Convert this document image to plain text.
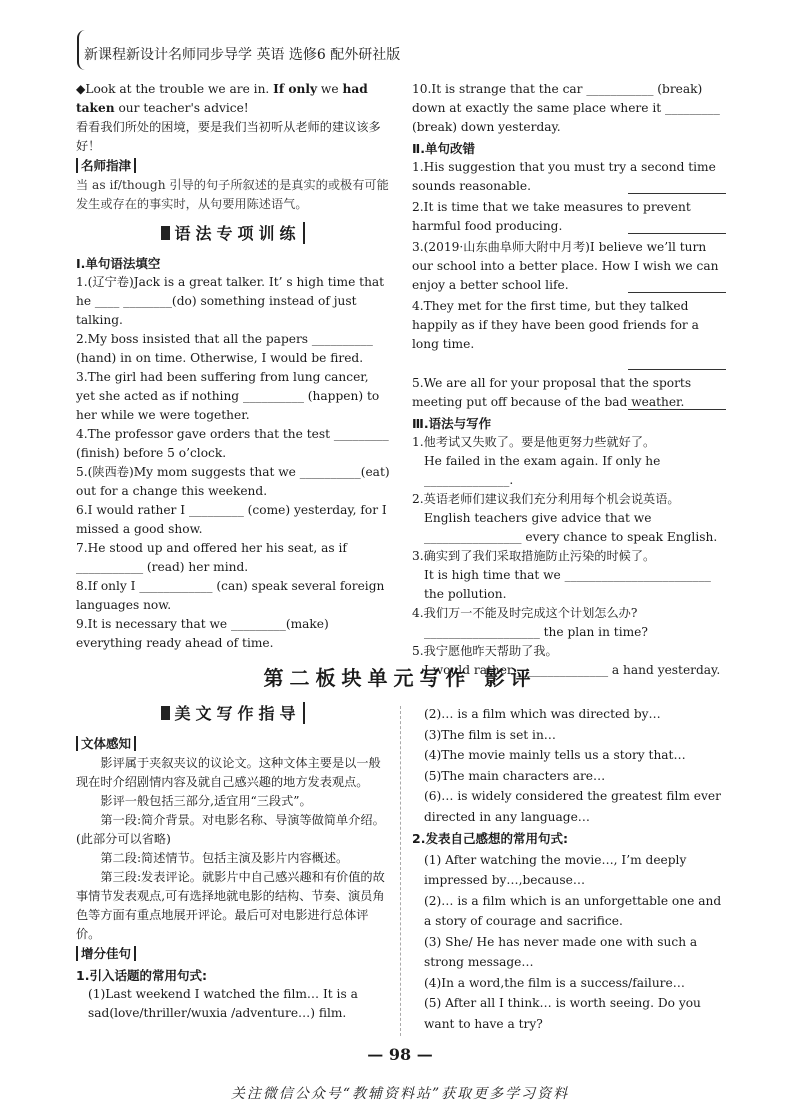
新课程新设计名师同步导学 英语 选修6 配外研社版

◆Look at the trouble we are in. If only we had taken our teacher's advice!

看看我们所处的困境，要是我们当初听从老师的建议该多好！

名师指津

当 as if/though 引导的句子所叙述的是真实的或极有可能发生或存在的事实时，从句要用陈述语气。

语法专项训练

Ⅰ.单句语法填空

1.(辽宁卷)Jack is a great talker. It’ s high time that he ____ ________(do) something instead of just talking.

2.My boss insisted that all the papers __________ (hand) in on time. Otherwise, I would be fired.

3.The girl had been suffering from lung cancer, yet she acted as if nothing __________ (happen) to her while we were together.

4.The professor gave orders that the test _________ (finish) before 5 o’clock.

5.(陕西卷)My mom suggests that we __________(eat) out for a change this weekend.

6.I would rather I _________ (come) yesterday, for I missed a good show.

7.He stood up and offered her his seat, as if ___________ (read) her mind.

8.If only I ____________ (can) speak several foreign languages now.

9.It is necessary that we _________(make) everything ready ahead of time.

10.It is strange that the car ___________ (break) down at exactly the same place where it _________ (break) down yesterday.

Ⅱ.单句改错

1.His suggestion that you must try a second time sounds reasonable.

2.It is time that we take measures to prevent harmful food producing.

3.(2019·山东曲阜师大附中月考)I believe we’ll turn our school into a better place. How I wish we can enjoy a better school life.

4.They met for the first time, but they talked happily as if they have been good friends for a long time.

5.We are all for your proposal that the sports meeting put off because of the bad weather.

Ⅲ.语法与写作

1.他考试又失败了。要是他更努力些就好了。

He failed in the exam again. If only he ______________.

2.英语老师们建议我们充分利用每个机会说英语。

English teachers give advice that we ________________ every chance to speak English.

3.确实到了我们采取措施防止污染的时候了。

It is high time that we ________________________ the pollution.

4.我们万一不能及时完成这个计划怎么办?

___________________ the plan in time?

5.我宁愿他昨天帮助了我。

I would rather _______________ a hand yesterday.

第二板块单元写作 影评
美文写作指导
文体感知

影评属于夹叙夹议的议论文。这种文体主要是以一般现在时介绍剧情内容及就自己感兴趣的地方发表观点。

影评一般包括三部分,适宜用“三段式”。

第一段:简介背景。对电影名称、导演等做简单介绍。(此部分可以省略)

第二段:简述情节。包括主演及影片内容概述。

第三段:发表评论。就影片中自己感兴趣和有价值的故事情节发表观点,可有选择地就电影的结构、节奏、演员角色等方面有重点地展开评论。最后可对电影进行总体评价。

增分佳句

1.引入话题的常用句式:

(1)Last weekend I watched the film… It is a sad(love/thriller/wuxia /adventure…) film.

(2)… is a film which was directed by…

(3)The film is set in…

(4)The movie mainly tells us a story that…

(5)The main characters are…

(6)… is widely considered the greatest film ever directed in any language…

2.发表自己感想的常用句式:

(1) After watching the movie…, I’m deeply impressed by…,because…

(2)… is a film which is an unforgettable one and a story of courage and sacrifice.

(3) She/ He has never made one with such a strong message…

(4)In a word,the film is a success/failure…

(5) After all I think… is worth seeing. Do you want to have a try?

— 98 —
关注微信公众号“教辅资料站”获取更多学习资料
